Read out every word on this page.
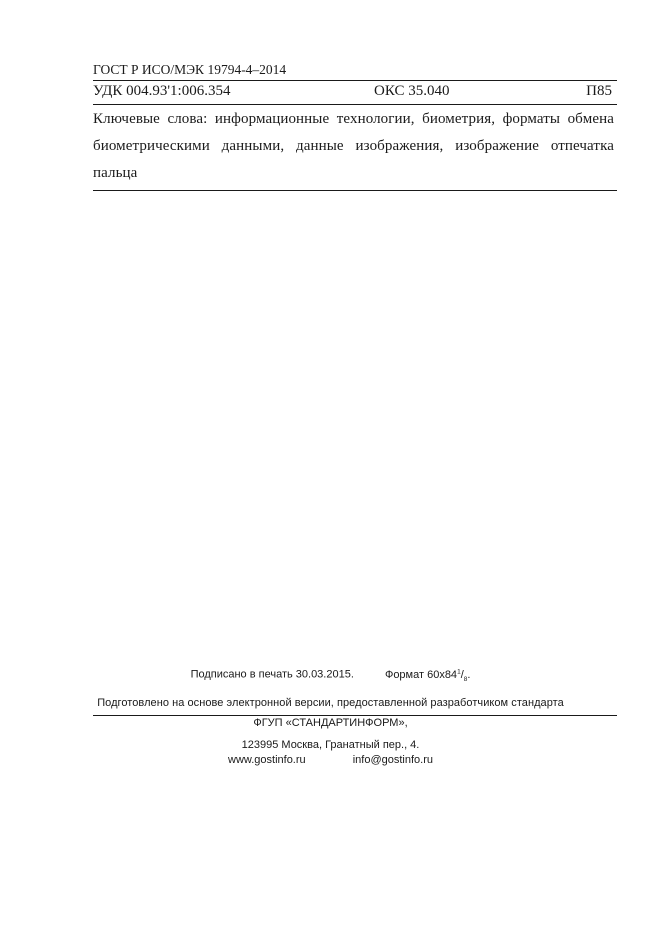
ГОСТ Р ИСО/МЭК 19794-4–2014
УДК 004.93'1:006.354	ОКС 35.040	П85
Ключевые слова: информационные технологии, биометрия, форматы обмена биометрическими данными, данные изображения, изображение отпечатка пальца
Подписано в печать 30.03.2015.	Формат $60х84^1/_8$.
Подготовлено на основе электронной версии, предоставленной разработчиком стандарта
ФГУП «СТАНДАРТИНФОРМ»,
123995 Москва, Гранатный пер., 4.
www.gostinfo.ru	info@gostinfo.ru
